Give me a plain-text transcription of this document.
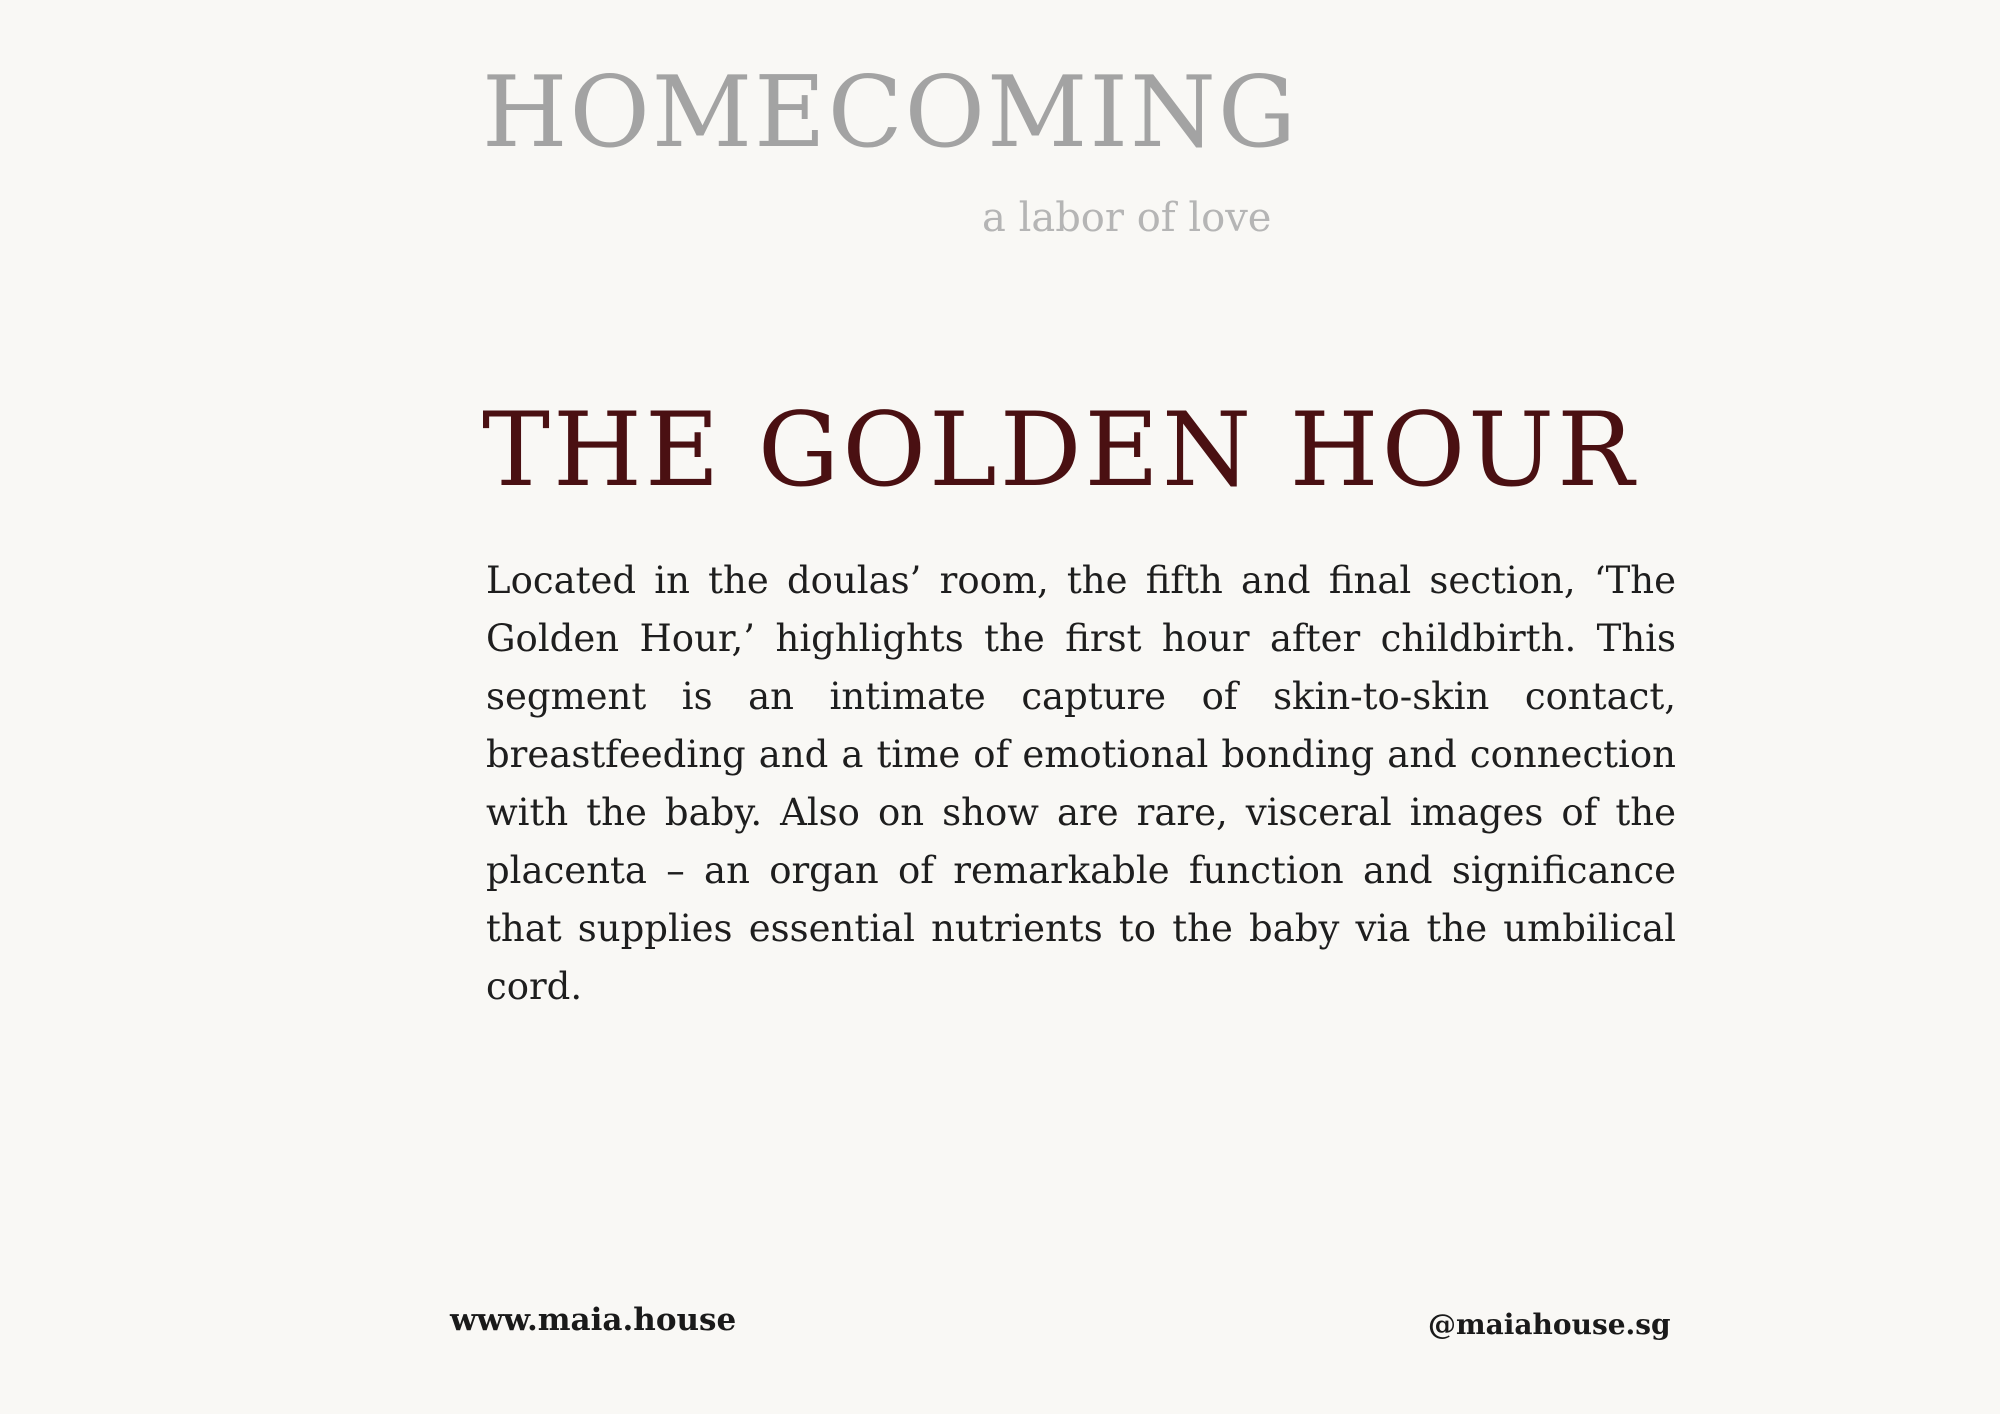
HOMECOMING

a labor of love

THE GOLDEN HOUR

Located in the doulas’ room, the fifth and final section, ‘The Golden Hour,’ highlights the first hour after childbirth. This segment is an intimate capture of skin-to-skin contact, breastfeeding and a time of emotional bonding and connection with the baby. Also on show are rare, visceral images of the placenta – an organ of remarkable function and significance that supplies essential nutrients to the baby via the umbilical cord.

www.maia.house	@maiahouse.sg
